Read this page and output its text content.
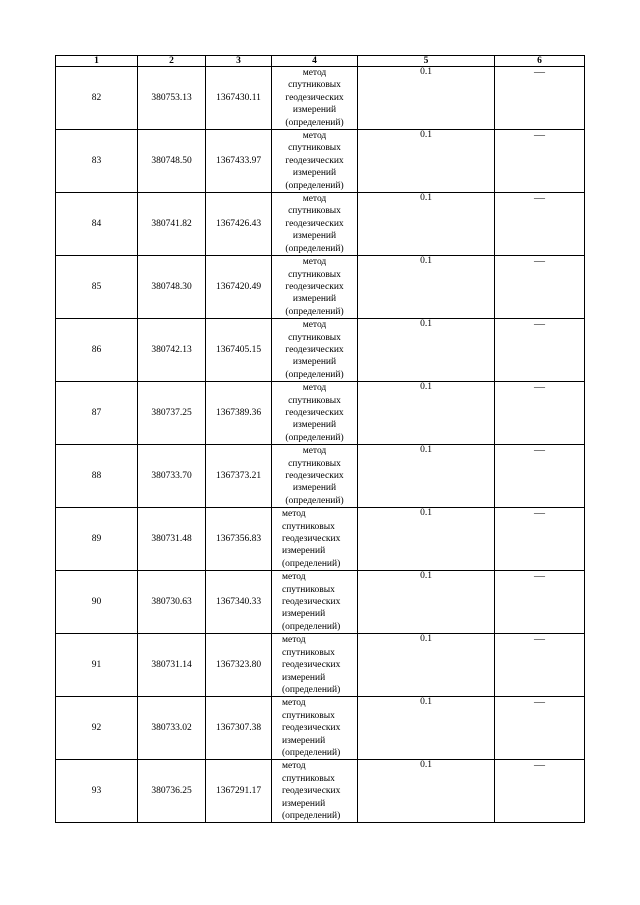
1	2	3	4	5	6
82	380753.13	1367430.11	метод
спутниковых
геодезических
измерений
(определений)	0.1	—
83	380748.50	1367433.97	метод
спутниковых
геодезических
измерений
(определений)	0.1	—
84	380741.82	1367426.43	метод
спутниковых
геодезических
измерений
(определений)	0.1	—
85	380748.30	1367420.49	метод
спутниковых
геодезических
измерений
(определений)	0.1	—
86	380742.13	1367405.15	метод
спутниковых
геодезических
измерений
(определений)	0.1	—
87	380737.25	1367389.36	метод
спутниковых
геодезических
измерений
(определений)	0.1	—
88	380733.70	1367373.21	метод
спутниковых
геодезических
измерений
(определений)	0.1	—
89	380731.48	1367356.83	метод
спутниковых
геодезических
измерений
(определений)	0.1	—
90	380730.63	1367340.33	метод
спутниковых
геодезических
измерений
(определений)	0.1	—
91	380731.14	1367323.80	метод
спутниковых
геодезических
измерений
(определений)	0.1	—
92	380733.02	1367307.38	метод
спутниковых
геодезических
измерений
(определений)	0.1	—
93	380736.25	1367291.17	метод
спутниковых
геодезических
измерений
(определений)	0.1	—
